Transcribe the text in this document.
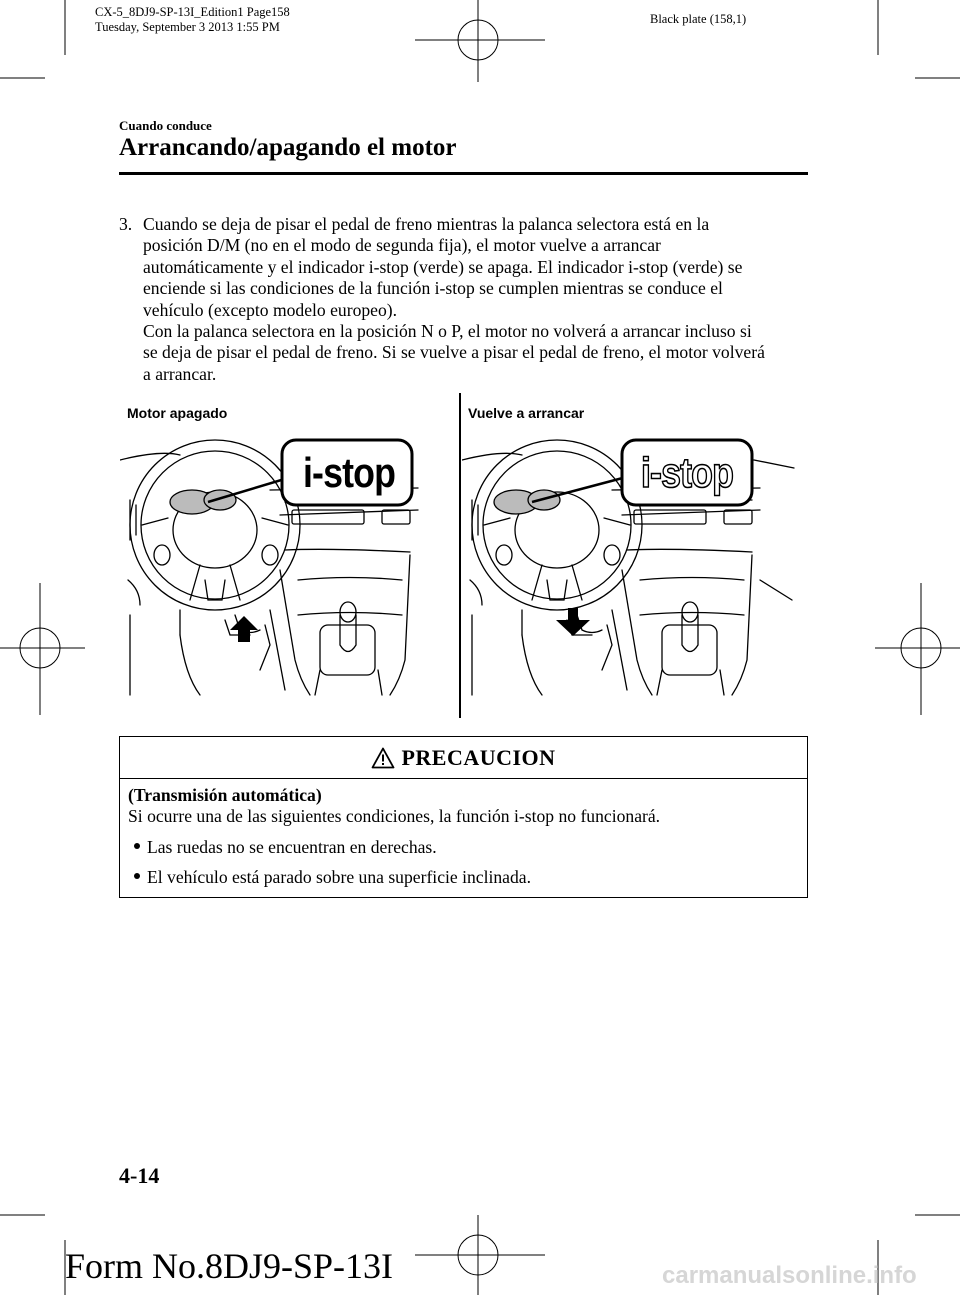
CX-5_8DJ9-SP-13I_Edition1 Page158
Tuesday, September 3 2013 1:55 PM
Black plate (158,1)
Cuando conduce
Arrancando/apagando el motor
3. Cuando se deja de pisar el pedal de freno mientras la palanca selectora está en la
posición D/M (no en el modo de segunda fija), el motor vuelve a arrancar
automáticamente y el indicador i-stop (verde) se apaga. El indicador i-stop (verde) se
enciende si las condiciones de la función i-stop se cumplen mientras se conduce el
vehículo (excepto modelo europeo).
Con la palanca selectora en la posición N o P, el motor no volverá a arrancar incluso si
se deja de pisar el pedal de freno. Si se vuelve a pisar el pedal de freno, el motor volverá
a arrancar.
Motor apagado	Vuelve a arrancar
i-stop	i-stop
PRECAUCION
(Transmisión automática)
Si ocurre una de las siguientes condiciones, la función i-stop no funcionará.
Las ruedas no se encuentran en derechas.
El vehículo está parado sobre una superficie inclinada.
4-14
Form No.8DJ9-SP-13I	carmanualsonline.info
